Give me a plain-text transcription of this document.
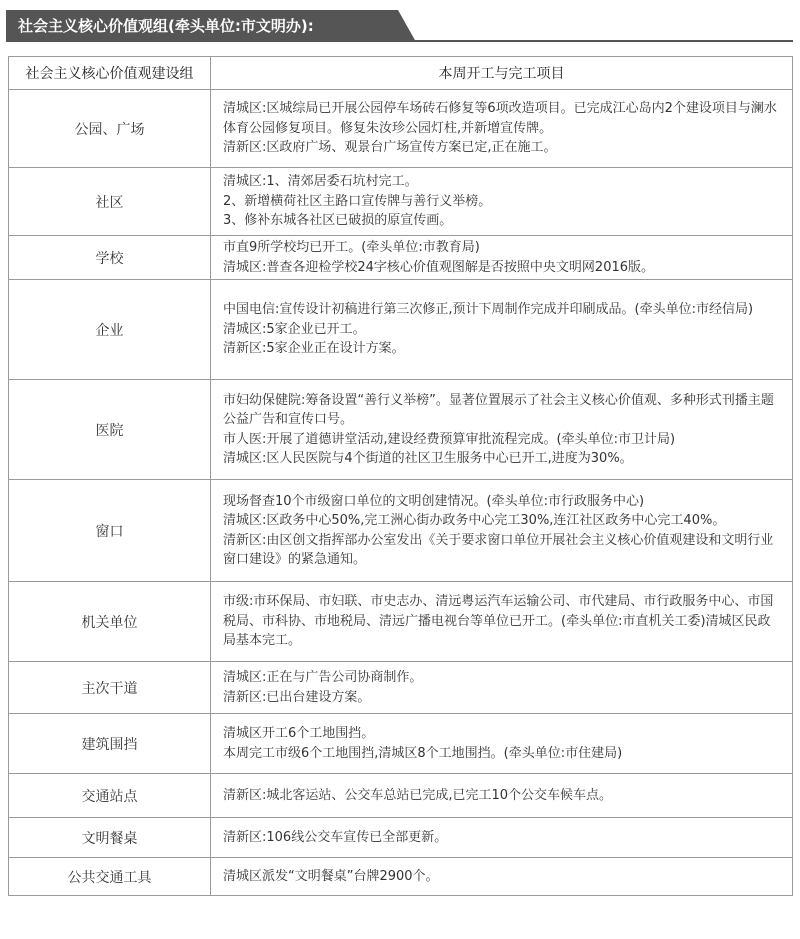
社会主义核心价值观组(牵头单位:市文明办):
社会主义核心价值观建设组	本周开工与完工项目
公园、广场	清城区:区城综局已开展公园停车场砖石修复等6项改造项目。已完成江心岛内2个建设项目与澜水体育公园修复项目。修复朱汝珍公园灯柱,并新增宣传牌。
清新区:区政府广场、观景台广场宣传方案已定,正在施工。

社区	清城区:1、清郊居委石坑村完工。
2、新增横荷社区主路口宣传牌与善行义举榜。
3、修补东城各社区已破损的原宣传画。

学校	市直9所学校均已开工。(牵头单位:市教育局)
清城区:普查各迎检学校24字核心价值观图解是否按照中央文明网2016版。

企业	中国电信:宣传设计初稿进行第三次修正,预计下周制作完成并印刷成品。(牵头单位:市经信局)
清城区:5家企业已开工。
清新区:5家企业正在设计方案。

医院	市妇幼保健院:筹备设置“善行义举榜”。显著位置展示了社会主义核心价值观、多种形式刊播主题公益广告和宣传口号。
市人医:开展了道德讲堂活动,建设经费预算审批流程完成。(牵头单位:市卫计局)
清城区:区人民医院与4个街道的社区卫生服务中心已开工,进度为30%。

窗口	现场督查10个市级窗口单位的文明创建情况。(牵头单位:市行政服务中心)
清城区:区政务中心50%,完工洲心街办政务中心完工30%,连江社区政务中心完工40%。
清新区:由区创文指挥部办公室发出《关于要求窗口单位开展社会主义核心价值观建设和文明行业窗口建设》的紧急通知。

机关单位	市级:市环保局、市妇联、市史志办、清远粤运汽车运输公司、市代建局、市行政服务中心、市国税局、市科协、市地税局、清远广播电视台等单位已开工。(牵头单位:市直机关工委)清城区民政局基本完工。

主次干道	清城区:正在与广告公司协商制作。
清新区:已出台建设方案。

建筑围挡	清城区开工6个工地围挡。
本周完工市级6个工地围挡,清城区8个工地围挡。(牵头单位:市住建局)

交通站点	清新区:城北客运站、公交车总站已完成,已完工10个公交车候车点。

文明餐桌	清新区:106线公交车宣传已全部更新。

公共交通工具	清城区派发“文明餐桌”台牌2900个。
